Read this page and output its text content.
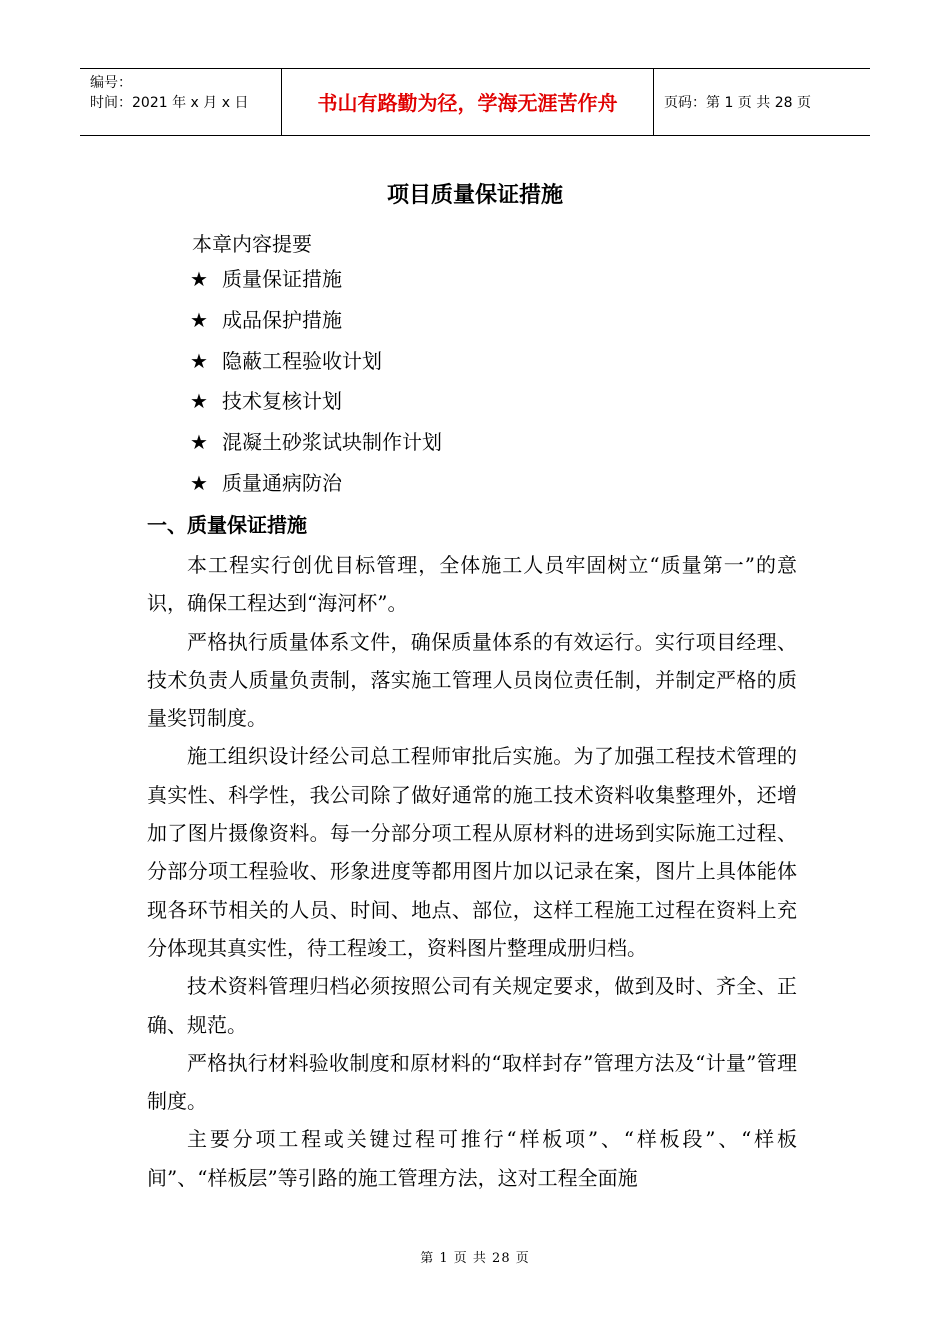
编号：
时间：2021 年 x 月 x 日	书山有路勤为径，学海无涯苦作舟	页码：第 1 页 共 28 页
项目质量保证措施
本章内容提要
★ 质量保证措施
★ 成品保护措施
★ 隐蔽工程验收计划
★ 技术复核计划
★ 混凝土砂浆试块制作计划
★ 质量通病防治
一、质量保证措施

本工程实行创优目标管理，全体施工人员牢固树立“质量第一”的意识，确保工程达到“海河杯”。

严格执行质量体系文件，确保质量体系的有效运行。实行项目经理、技术负责人质量负责制，落实施工管理人员岗位责任制，并制定严格的质量奖罚制度。

施工组织设计经公司总工程师审批后实施。为了加强工程技术管理的真实性、科学性，我公司除了做好通常的施工技术资料收集整理外，还增加了图片摄像资料。每一分部分项工程从原材料的进场到实际施工过程、分部分项工程验收、形象进度等都用图片加以记录在案，图片上具体能体现各环节相关的人员、时间、地点、部位，这样工程施工过程在资料上充分体现其真实性，待工程竣工，资料图片整理成册归档。

技术资料管理归档必须按照公司有关规定要求，做到及时、齐全、正确、规范。

严格执行材料验收制度和原材料的“取样封存”管理方法及“计量”管理制度。

主要分项工程或关键过程可推行“样板项”、“样板段”、“样板间”、“样板层”等引路的施工管理方法，这对工程全面施

第 1 页 共 28 页
